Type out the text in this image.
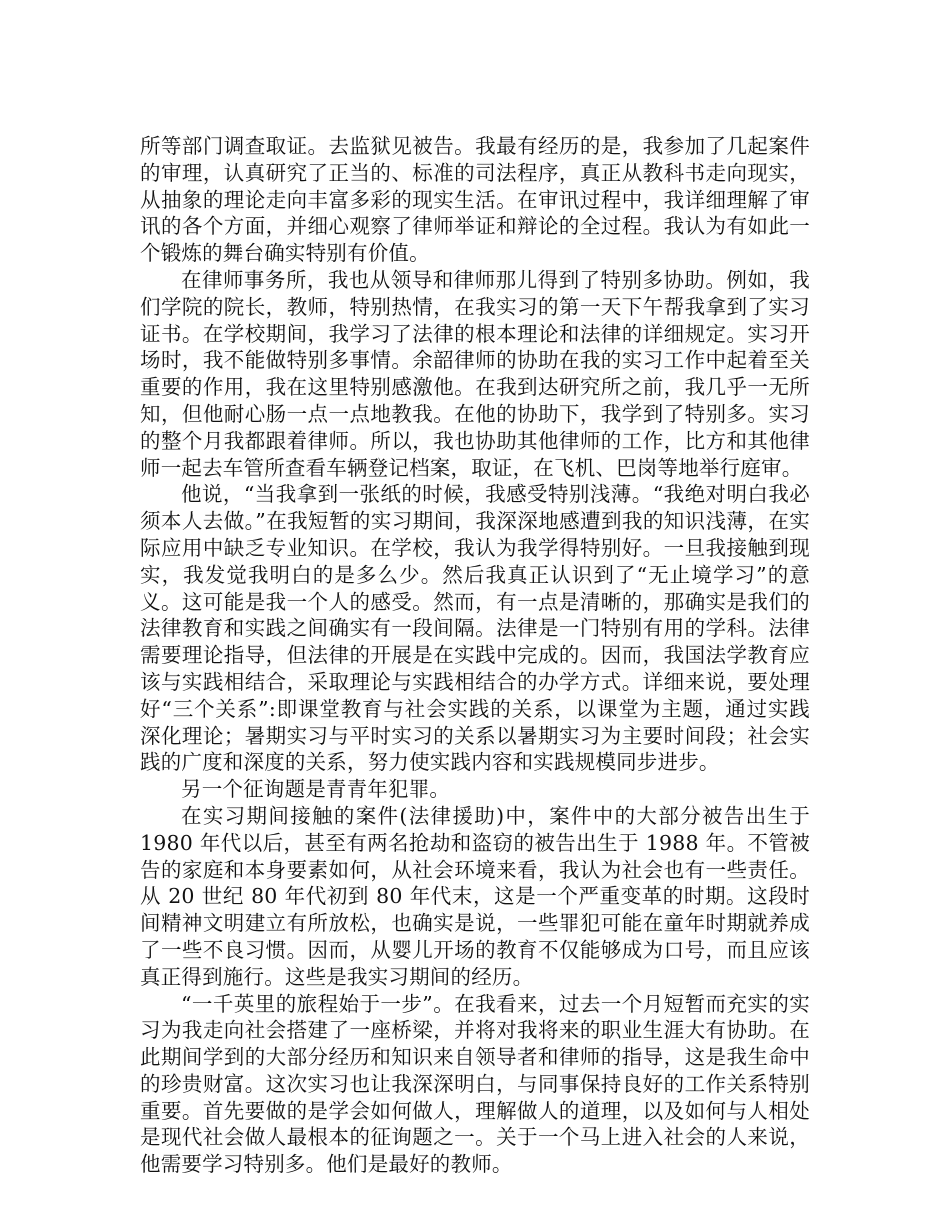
所等部门调查取证。去监狱见被告。我最有经历的是，我参加了几起案件的审理，认真研究了正当的、标准的司法程序，真正从教科书走向现实，从抽象的理论走向丰富多彩的现实生活。在审讯过程中，我详细理解了审讯的各个方面，并细心观察了律师举证和辩论的全过程。我认为有如此一个锻炼的舞台确实特别有价值。

在律师事务所，我也从领导和律师那儿得到了特别多协助。例如，我们学院的院长，教师，特别热情，在我实习的第一天下午帮我拿到了实习证书。在学校期间，我学习了法律的根本理论和法律的详细规定。实习开场时，我不能做特别多事情。余韶律师的协助在我的实习工作中起着至关重要的作用，我在这里特别感激他。在我到达研究所之前，我几乎一无所知，但他耐心肠一点一点地教我。在他的协助下，我学到了特别多。实习的整个月我都跟着律师。所以，我也协助其他律师的工作，比方和其他律师一起去车管所查看车辆登记档案，取证，在飞机、巴岗等地举行庭审。

他说，“当我拿到一张纸的时候，我感受特别浅薄。“我绝对明白我必须本人去做。”在我短暂的实习期间，我深深地感遭到我的知识浅薄，在实际应用中缺乏专业知识。在学校，我认为我学得特别好。一旦我接触到现实，我发觉我明白的是多么少。然后我真正认识到了“无止境学习”的意义。这可能是我一个人的感受。然而，有一点是清晰的，那确实是我们的法律教育和实践之间确实有一段间隔。法律是一门特别有用的学科。法律需要理论指导，但法律的开展是在实践中完成的。因而，我国法学教育应该与实践相结合，采取理论与实践相结合的办学方式。详细来说，要处理好“三个关系”:即课堂教育与社会实践的关系，以课堂为主题，通过实践深化理论；暑期实习与平时实习的关系以暑期实习为主要时间段；社会实践的广度和深度的关系，努力使实践内容和实践规模同步进步。

另一个征询题是青青年犯罪。

在实习期间接触的案件(法律援助)中，案件中的大部分被告出生于 1980 年代以后，甚至有两名抢劫和盗窃的被告出生于 1988 年。不管被告的家庭和本身要素如何，从社会环境来看，我认为社会也有一些责任。从 20 世纪 80 年代初到 80 年代末，这是一个严重变革的时期。这段时间精神文明建立有所放松，也确实是说，一些罪犯可能在童年时期就养成了一些不良习惯。因而，从婴儿开场的教育不仅能够成为口号，而且应该真正得到施行。这些是我实习期间的经历。

“一千英里的旅程始于一步”。在我看来，过去一个月短暂而充实的实习为我走向社会搭建了一座桥梁，并将对我将来的职业生涯大有协助。在此期间学到的大部分经历和知识来自领导者和律师的指导，这是我生命中的珍贵财富。这次实习也让我深深明白，与同事保持良好的工作关系特别重要。首先要做的是学会如何做人，理解做人的道理，以及如何与人相处是现代社会做人最根本的征询题之一。关于一个马上进入社会的人来说，他需要学习特别多。他们是最好的教师。
